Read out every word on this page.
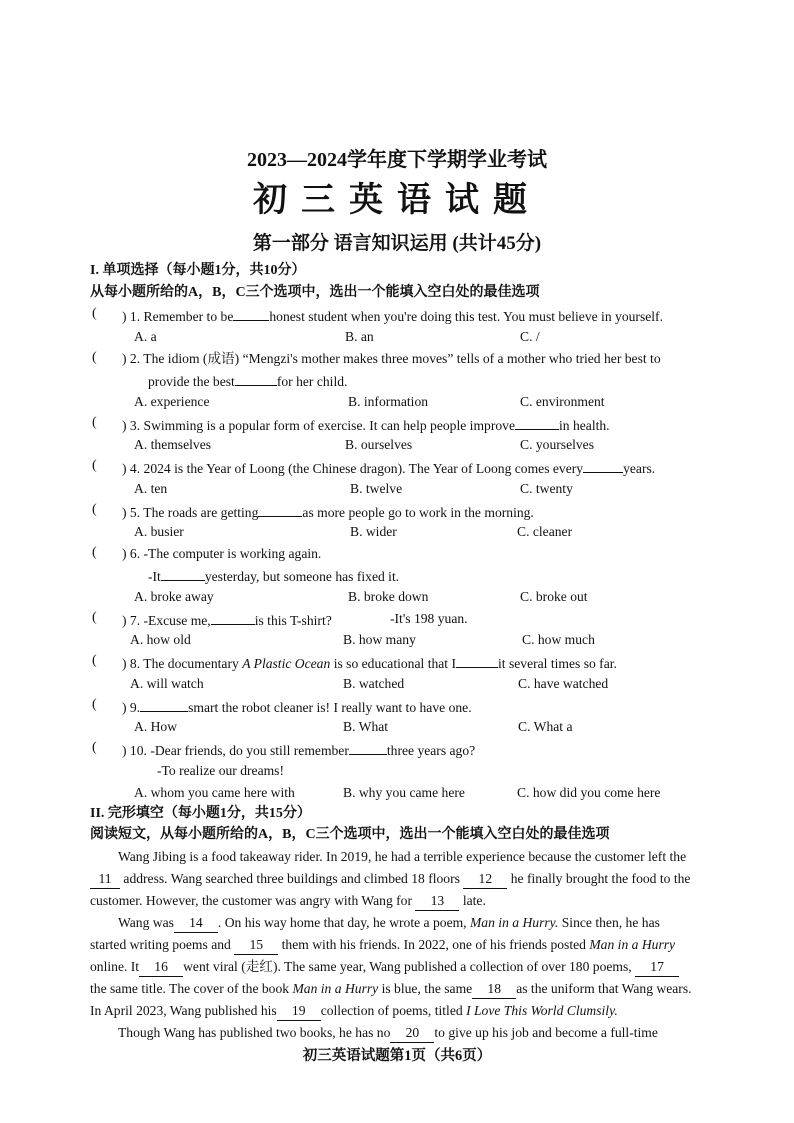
2023—2024学年度下学期学业考试
初三英语试题
第一部分 语言知识运用 (共计45分)
I. 单项选择（每小题1分，共10分）
从每小题所给的A，B，C三个选项中，选出一个能填入空白处的最佳选项
( ) 1. Remember to be	honest student when you're doing this test. You must believe in yourself.
A. a	B. an	C. /
( ) 2. The idiom (成语) “Mengzi's mother makes three moves” tells of a mother who tried her best to
provide the best	for her child.
A. experience	B. information	C. environment
( ) 3. Swimming is a popular form of exercise. It can help people improve	in health.
A. themselves	B. ourselves	C. yourselves
( ) 4. 2024 is the Year of Loong (the Chinese dragon). The Year of Loong comes every	years.
A. ten	B. twelve	C. twenty
( ) 5. The roads are getting	as more people go to work in the morning.
A. busier	B. wider	C. cleaner
( ) 6. -The computer is working again.
-It	yesterday, but someone has fixed it.
A. broke away	B. broke down	C. broke out
( ) 7. -Excuse me,	is this T-shirt?	-It's 198 yuan.
A. how old	B. how many	C. how much
( ) 8. The documentary A Plastic Ocean is so educational that I	it several times so far.
A. will watch	B. watched	C. have watched
( ) 9.	smart the robot cleaner is! I really want to have one.
A. How	B. What	C. What a
( ) 10. -Dear friends, do you still remember	three years ago?
-To realize our dreams!
A. whom you came here with	B. why you came here	C. how did you come here
II. 完形填空（每小题1分，共15分）
阅读短文，从每小题所给的A，B，C三个选项中，选出一个能填入空白处的最佳选项
Wang Jibing is a food takeaway rider. In 2019, he had a terrible experience because the customer left the
11 address. Wang searched three buildings and climbed 18 floors 12 he finally brought the food to the
customer. However, the customer was angry with Wang for 13 late.
Wang was 14 . On his way home that day, he wrote a poem, Man in a Hurry. Since then, he has
started writing poems and 15 them with his friends. In 2022, one of his friends posted Man in a Hurry
online. It 16 went viral (走红). The same year, Wang published a collection of over 180 poems, 17
the same title. The cover of the book Man in a Hurry is blue, the same 18 as the uniform that Wang wears.
In April 2023, Wang published his 19 collection of poems, titled I Love This World Clumsily.
Though Wang has published two books, he has no 20 to give up his job and become a full-time
初三英语试题第1页（共6页）
